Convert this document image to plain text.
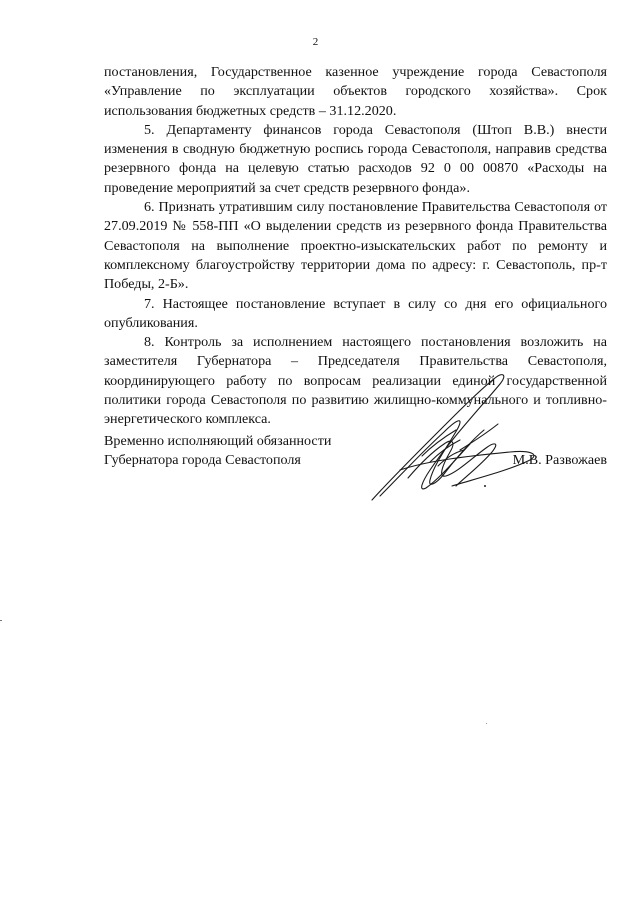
2

постановления, Государственное казенное учреждение города Севастополя «Управление по эксплуатации объектов городского хозяйства». Срок использования бюджетных средств – 31.12.2020.

5. Департаменту финансов города Севастополя (Штоп В.В.) внести изменения в сводную бюджетную роспись города Севастополя, направив средства резервного фонда на целевую статью расходов 92 0 00 00870 «Расходы на проведение мероприятий за счет средств резервного фонда».

6. Признать утратившим силу постановление Правительства Севастополя от 27.09.2019 № 558-ПП «О выделении средств из резервного фонда Правительства Севастополя на выполнение проектно-изыскательских работ по ремонту и комплексному благоустройству территории дома по адресу: г. Севастополь, пр-т Победы, 2-Б».

7. Настоящее постановление вступает в силу со дня его официального опубликования.

8. Контроль за исполнением настоящего постановления возложить на заместителя Губернатора – Председателя Правительства Севастополя, координирующего работу по вопросам реализации единой государственной политики города Севастополя по развитию жилищно-коммунального и топливно-энергетического комплекса.

Временно исполняющий обязанности
Губернатора города Севастополя	М.В. Развожаев
